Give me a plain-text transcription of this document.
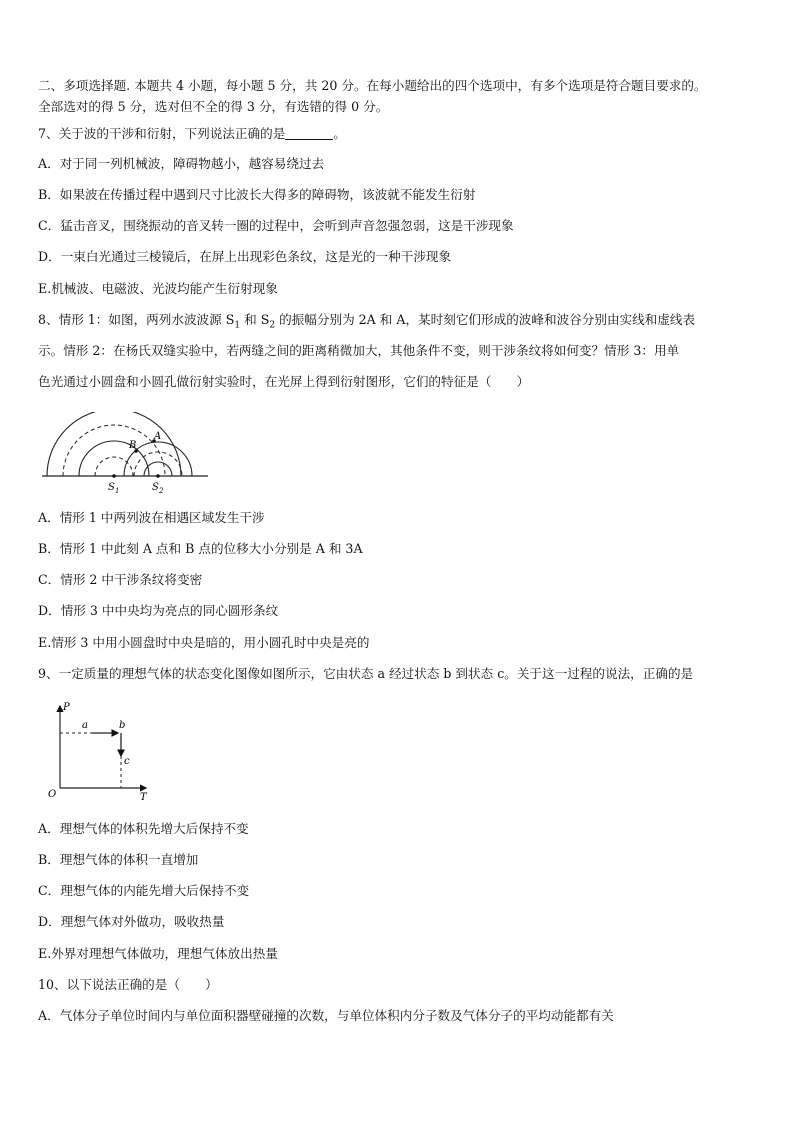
二、多项选择题. 本题共 4 小题，每小题 5 分，共 20 分。在每小题给出的四个选项中，有多个选项是符合题目要求的。
全部选对的得 5 分，选对但不全的得 3 分，有选错的得 0 分。
7、关于波的干涉和衍射，下列说法正确的是	。
A．对于同一列机械波，障碍物越小，越容易绕过去
B．如果波在传播过程中遇到尺寸比波长大得多的障碍物，该波就不能发生衍射
C．猛击音叉，围绕振动的音叉转一圈的过程中，会听到声音忽强忽弱，这是干涉现象
D．一束白光通过三棱镜后，在屏上出现彩色条纹，这是光的一种干涉现象
E.机械波、电磁波、光波均能产生衍射现象
8、情形 1：如图，两列水波波源 $S_1$ 和 $S_2$ 的振幅分别为 2A 和 A，某时刻它们形成的波峰和波谷分别由实线和虚线表
示。情形 2：在杨氏双缝实验中，若两缝之间的距离稍微加大，其他条件不变，则干涉条纹将如何变？情形 3：用单
色光通过小圆盘和小圆孔做衍射实验时，在光屏上得到衍射图形，它们的特征是（　　）
A
B
S 1	S 2
A．情形 1 中两列波在相遇区域发生干涉
B．情形 1 中此刻 A 点和 B 点的位移大小分别是 A 和 3A
C．情形 2 中干涉条纹将变密
D．情形 3 中中央均为亮点的同心圆形条纹
E.情形 3 中用小圆盘时中央是暗的，用小圆孔时中央是亮的
9、一定质量的理想气体的状态变化图像如图所示，它由状态 a 经过状态 b 到状态 c。关于这一过程的说法，正确的是
P
T
O
a	b
c
A．理想气体的体积先增大后保持不变
B．理想气体的体积一直增加
C．理想气体的内能先增大后保持不变
D．理想气体对外做功，吸收热量
E.外界对理想气体做功，理想气体放出热量
10、以下说法正确的是（　　）
A．气体分子单位时间内与单位面积器壁碰撞的次数，与单位体积内分子数及气体分子的平均动能都有关
